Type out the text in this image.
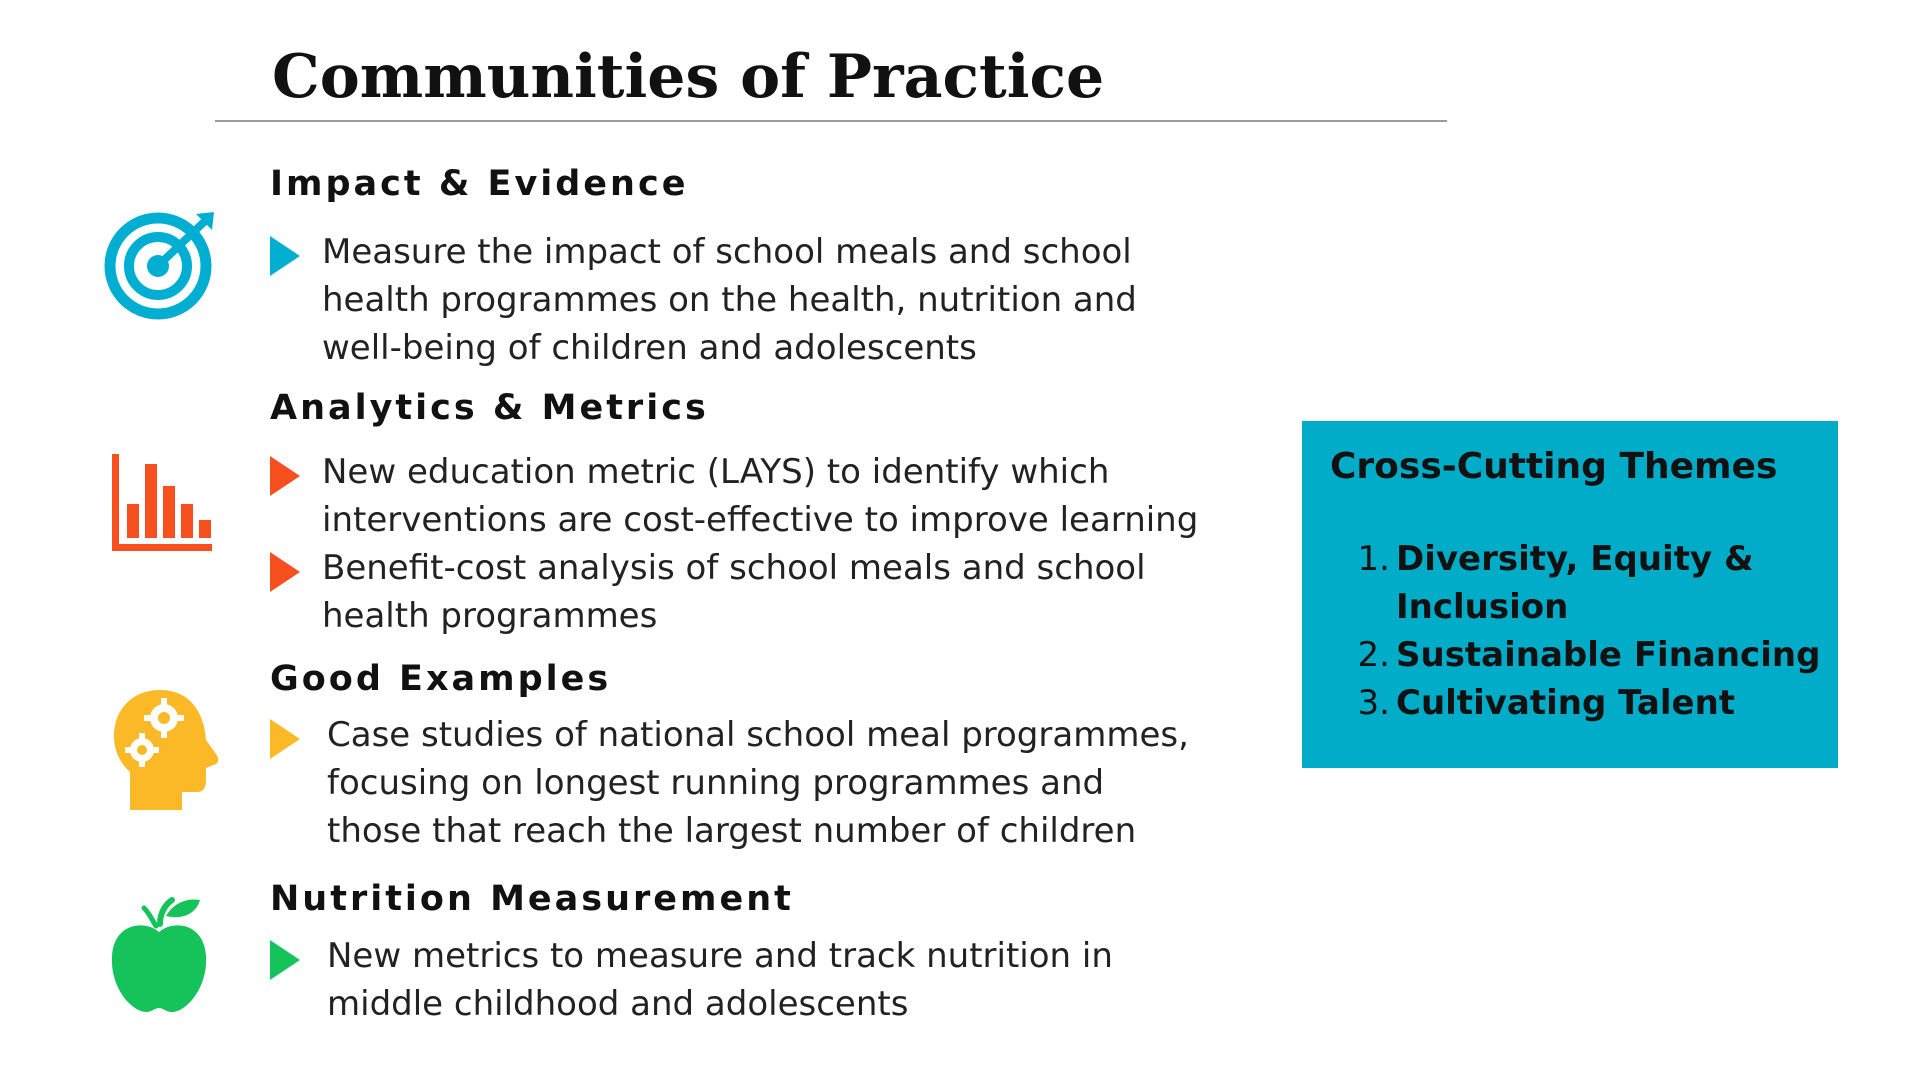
Communities of Practice
Impact & Evidence
Measure the impact of school meals and school
health programmes on the health, nutrition and
well-being of children and adolescents
Analytics & Metrics
New education metric (LAYS) to identify which
interventions are cost-effective to improve learning
Benefit-cost analysis of school meals and school
health programmes
Good Examples
Case studies of national school meal programmes,
focusing on longest running programmes and
those that reach the largest number of children
Nutrition Measurement
New metrics to measure and track nutrition in
middle childhood and adolescents
Cross-Cutting Themes
1. Diversity, Equity &
Inclusion
2. Sustainable Financing
3. Cultivating Talent
